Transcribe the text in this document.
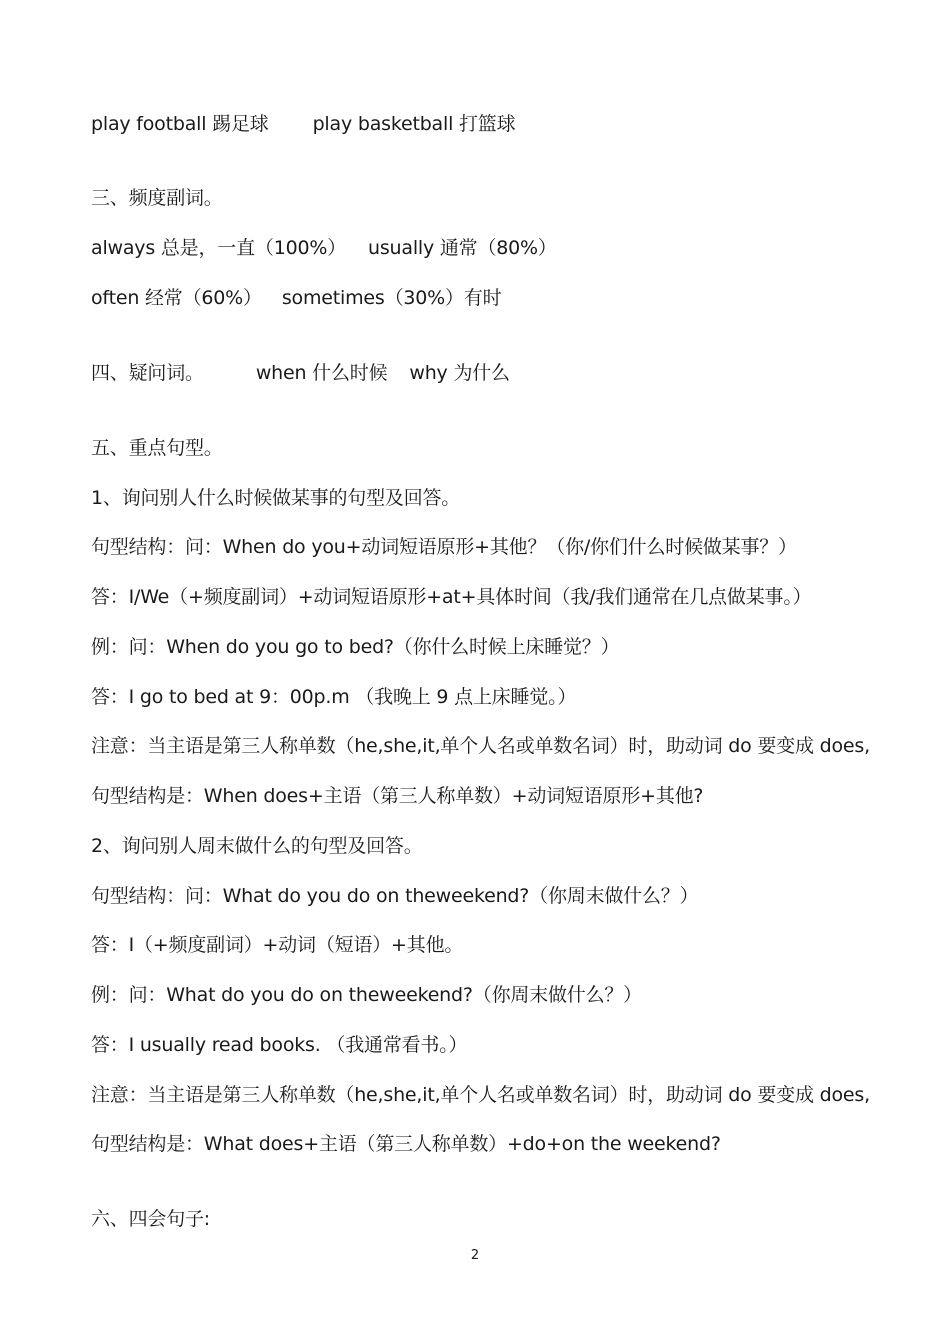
play football 踢足球 play basketball 打篮球
三、频度副词。
always 总是，一直（100%） usually 通常（80%）
often 经常（60%） sometimes（30%）有时
四、疑问词。	when 什么时候 why 为什么
五、重点句型。
1、询问别人什么时候做某事的句型及回答。
句型结构：问：When do you+动词短语原形+其他？（你/你们什么时候做某事？）
答：I/We（+频度副词）+动词短语原形+at+具体时间（我/我们通常在几点做某事。）
例：问：When do you go to bed?（你什么时候上床睡觉？）
答：I go to bed at 9：00p.m （我晚上 9 点上床睡觉。）
注意：当主语是第三人称单数（he,she,it,单个人名或单数名词）时，助动词 do 要变成 does,
句型结构是：When does+主语（第三人称单数）+动词短语原形+其他?
2、询问别人周末做什么的句型及回答。
句型结构：问：What do you do on theweekend?（你周末做什么？）
答：I（+频度副词）+动词（短语）+其他。
例：问：What do you do on theweekend?（你周末做什么？）
答：I usually read books. （我通常看书。）
注意：当主语是第三人称单数（he,she,it,单个人名或单数名词）时，助动词 do 要变成 does,
句型结构是：What does+主语（第三人称单数）+do+on the weekend?
六、四会句子:
2
